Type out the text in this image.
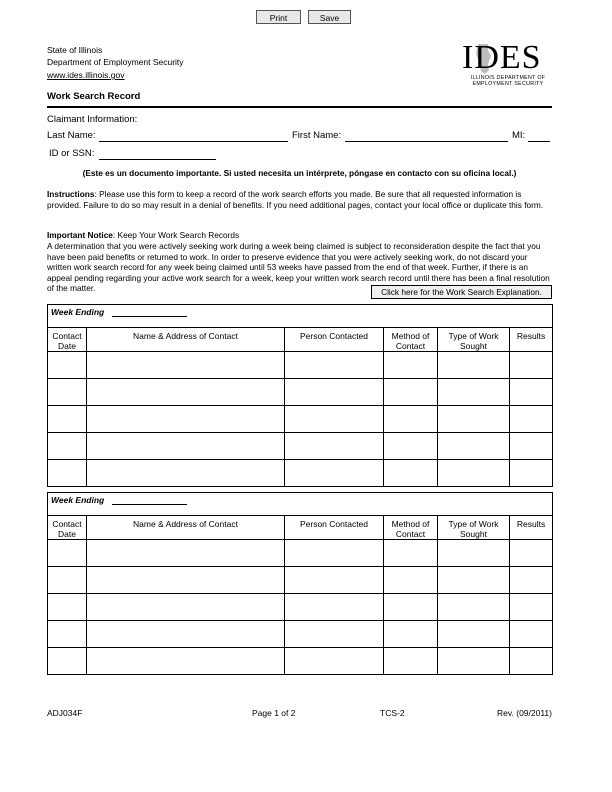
Print	Save
State of Illinois
Department of Employment Security
www.ides.illinois.gov	IDES
ILLINOIS DEPARTMENT OF
EMPLOYMENT SECURITY
Work Search Record
Claimant Information:
Last Name:	First Name:	MI:
ID or SSN:
(Este es un documento importante. Si usted necesita un intérprete, póngase en contacto con su oficina local.)
Instructions: Please use this form to keep a record of the work search efforts you made. Be sure that all requested information is provided. Failure to do so may result in a denial of benefits. If you need additional pages, contact your local office or duplicate this form.
Important Notice: Keep Your Work Search Records
A determination that you were actively seeking work during a week being claimed is subject to reconsideration despite the fact that you have been paid benefits or returned to work. In order to preserve evidence that you were actively seeking work, do not discard your written work search record for any week being claimed until 53 weeks have passed from the end of that week. Further, if there is an appeal pending regarding your active work search for a week, keep your written work search record until there has been a final resolution of the matter.	Click here for the Work Search Explanation.
Week Ending					
Contact Date	Name & Address of Contact	Person Contacted	Method of Contact	Type of Work Sought	Results

Week Ending					
Contact Date	Name & Address of Contact	Person Contacted	Method of Contact	Type of Work Sought	Results

ADJ034F	Page 1 of 2	TCS-2	Rev. (09/2011)
